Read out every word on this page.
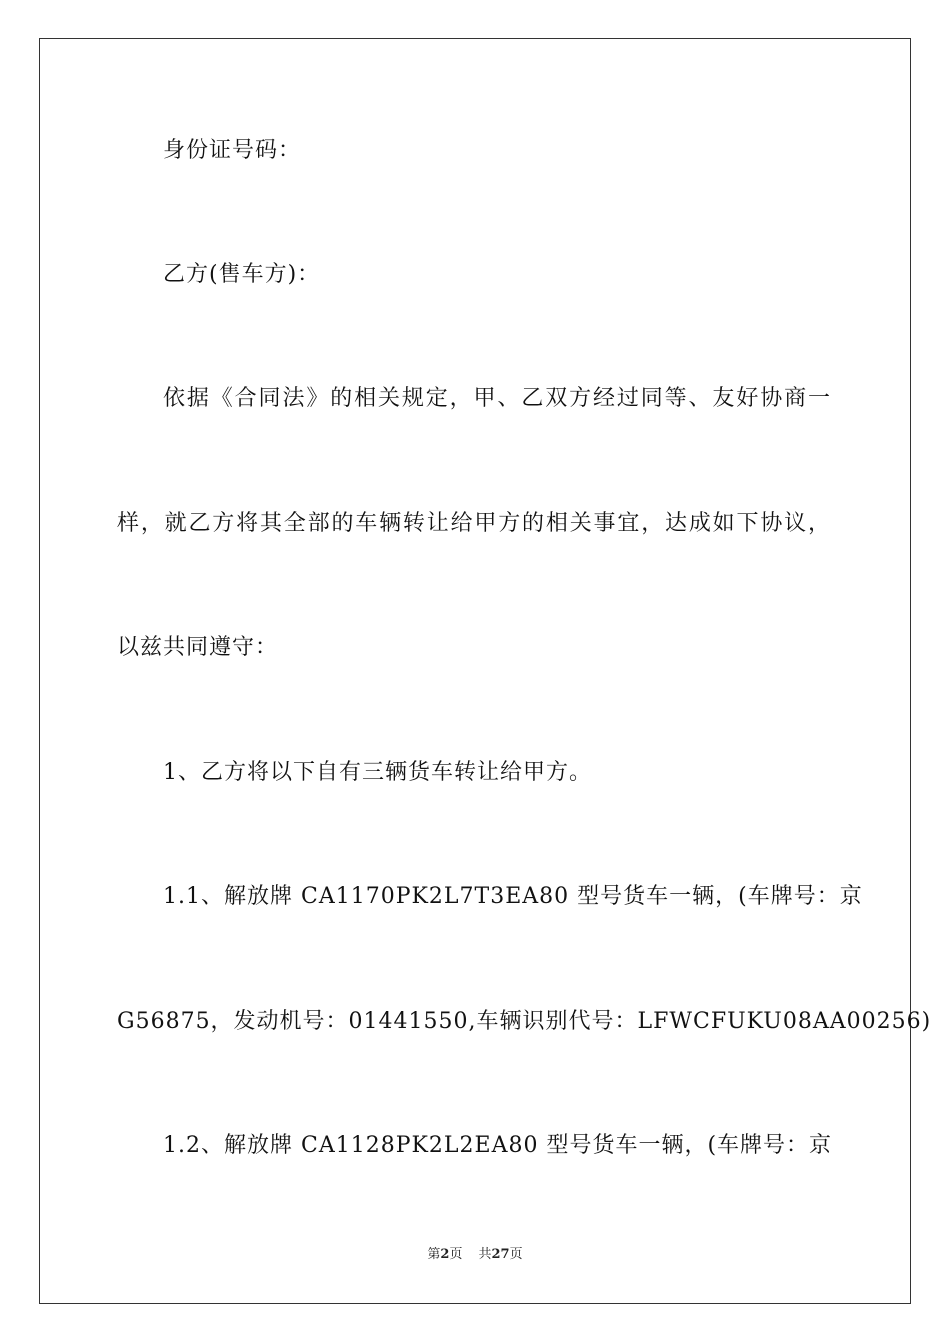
身份证号码：
乙方(售车方)：
依据《合同法》的相关规定，甲、乙双方经过同等、友好协商一
样，就乙方将其全部的车辆转让给甲方的相关事宜，达成如下协议，
以兹共同遵守：
1、乙方将以下自有三辆货车转让给甲方。
1.1、解放牌 CA1170PK2L7T3EA80 型号货车一辆，(车牌号：京
G56875，发动机号：01441550,车辆识别代号：LFWCFUKU08AA00256)
1.2、解放牌 CA1128PK2L2EA80 型号货车一辆，(车牌号：京
第2页 共27页
